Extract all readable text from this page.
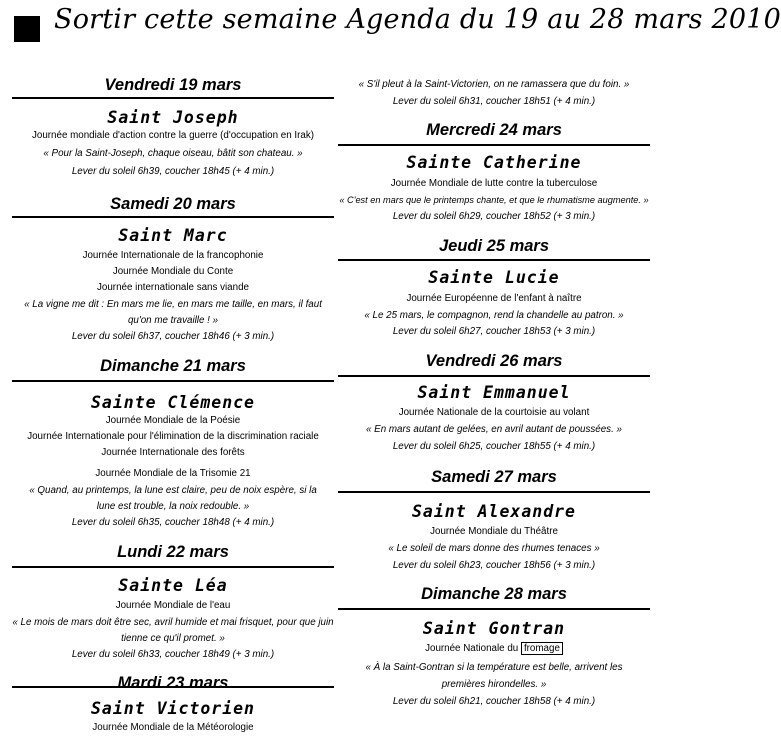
Sortir cette semaine Agenda du 19 au 28 mars 2010
Vendredi 19 mars
Saint Joseph
Journée mondiale d'action contre la guerre (d'occupation en Irak)
« Pour la Saint-Joseph, chaque oiseau, bâtit son chateau. »
Lever du soleil 6h39, coucher 18h45 (+ 4 min.)
Samedi 20 mars
Saint Marc
Journée Internationale de la francophonie
Journée Mondiale du Conte
Journée internationale sans viande
« La vigne me dit : En mars me lie, en mars me taille, en mars, il faut
qu'on me travaille ! »
Lever du soleil 6h37, coucher 18h46 (+ 3 min.)
Dimanche 21 mars
Sainte Clémence
Journée Mondiale de la Poésie
Journée Internationale pour l'élimination de la discrimination raciale
Journée Internationale des forêts
Journée Mondiale de la Trisomie 21
« Quand, au printemps, la lune est claire, peu de noix espère, si la
lune est trouble, la noix redouble. »
Lever du soleil 6h35, coucher 18h48 (+ 4 min.)
Lundi 22 mars
Sainte Léa
Journée Mondiale de l'eau
« Le mois de mars doit être sec, avril humide et mai frisquet, pour que juin
tienne ce qu'il promet. »
Lever du soleil 6h33, coucher 18h49 (+ 3 min.)
Mardi 23 mars
Saint Victorien
Journée Mondiale de la Météorologie
« S'il pleut à la Saint-Victorien, on ne ramassera que du foin. »
Lever du soleil 6h31, coucher 18h51 (+ 4 min.)
Mercredi 24 mars
Sainte Catherine
Journée Mondiale de lutte contre la tuberculose
« C'est en mars que le printemps chante, et que le rhumatisme augmente. »
Lever du soleil 6h29, coucher 18h52 (+ 3 min.)
Jeudi 25 mars
Sainte Lucie
Journée Européenne de l'enfant à naître
« Le 25 mars, le compagnon, rend la chandelle au patron. »
Lever du soleil 6h27, coucher 18h53 (+ 3 min.)
Vendredi 26 mars
Saint Emmanuel
Journée Nationale de la courtoisie au volant
« En mars autant de gelées, en avril autant de poussées. »
Lever du soleil 6h25, coucher 18h55 (+ 4 min.)
Samedi 27 mars
Saint Alexandre
Journée Mondiale du Théâtre
« Le soleil de mars donne des rhumes tenaces »
Lever du soleil 6h23, coucher 18h56 (+ 3 min.)
Dimanche 28 mars
Saint Gontran
Journée Nationale du fromage
« À la Saint-Gontran si la température est belle, arrivent les
premières hirondelles. »
Lever du soleil 6h21, coucher 18h58 (+ 4 min.)
